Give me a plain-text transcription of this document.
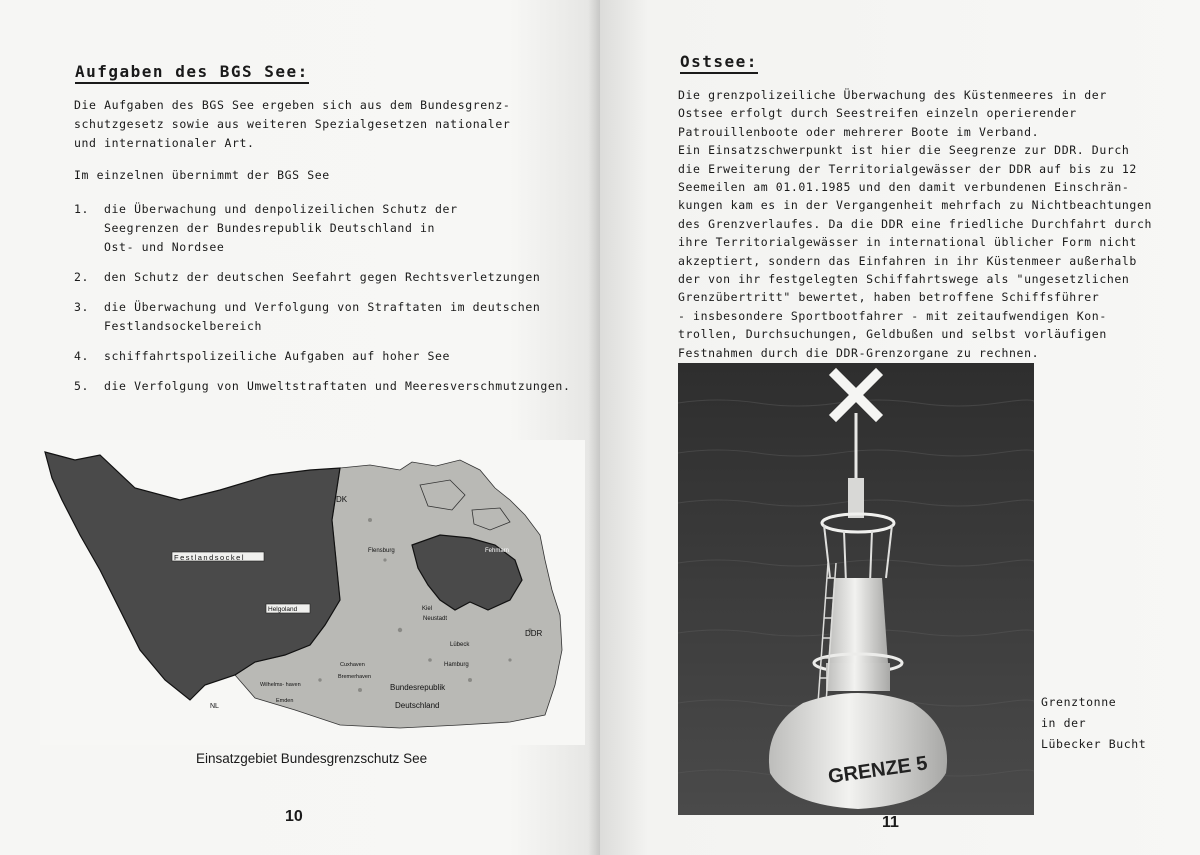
Aufgaben des BGS See:

Die Aufgaben des BGS See ergeben sich aus dem Bundesgrenz-
schutzgesetz sowie aus weiteren Spezialgesetzen nationaler
und internationaler Art.

Im einzelnen übernimmt der BGS See

1. die Überwachung und denpolizeilichen Schutz der
Seegrenzen der Bundesrepublik Deutschland in
Ost- und Nordsee
2. den Schutz der deutschen Seefahrt gegen Rechtsverletzungen
3. die Überwachung und Verfolgung von Straftaten im deutschen
Festlandsockelbereich
4. schiffahrtspolizeiliche Aufgaben auf hoher See
5. die Verfolgung von Umweltstraftaten und Meeresverschmutzungen.
Festlandsockel
Helgoland
Flensburg	Fehmarn
Kiel
Neustadt
Lübeck
DDR
Cuxhaven
Bremerhaven
Wilhelms- haven
Emden
Hamburg
Bundesrepublik
Deutschland
DK
NL
Einsatzgebiet Bundesgrenzschutz See
10
Ostsee:

Die grenzpolizeiliche Überwachung des Küstenmeeres in der
Ostsee erfolgt durch Seestreifen einzeln operierender
Patrouillenboote oder mehrerer Boote im Verband.
Ein Einsatzschwerpunkt ist hier die Seegrenze zur DDR. Durch
die Erweiterung der Territorialgewässer der DDR auf bis zu 12
Seemeilen am 01.01.1985 und den damit verbundenen Einschrän-
kungen kam es in der Vergangenheit mehrfach zu Nichtbeachtungen
des Grenzverlaufes. Da die DDR eine friedliche Durchfahrt durch
ihre Territorialgewässer in international üblicher Form nicht
akzeptiert, sondern das Einfahren in ihr Küstenmeer außerhalb
der von ihr festgelegten Schiffahrtswege als "ungesetzlichen
Grenzübertritt" bewertet, haben betroffene Schiffsführer
- insbesondere Sportbootfahrer - mit zeitaufwendigen Kon-
trollen, Durchsuchungen, Geldbußen und selbst vorläufigen
Festnahmen durch die DDR-Grenzorgane zu rechnen.

GRENZE 5
Grenztonne
in der
Lübecker Bucht
11
